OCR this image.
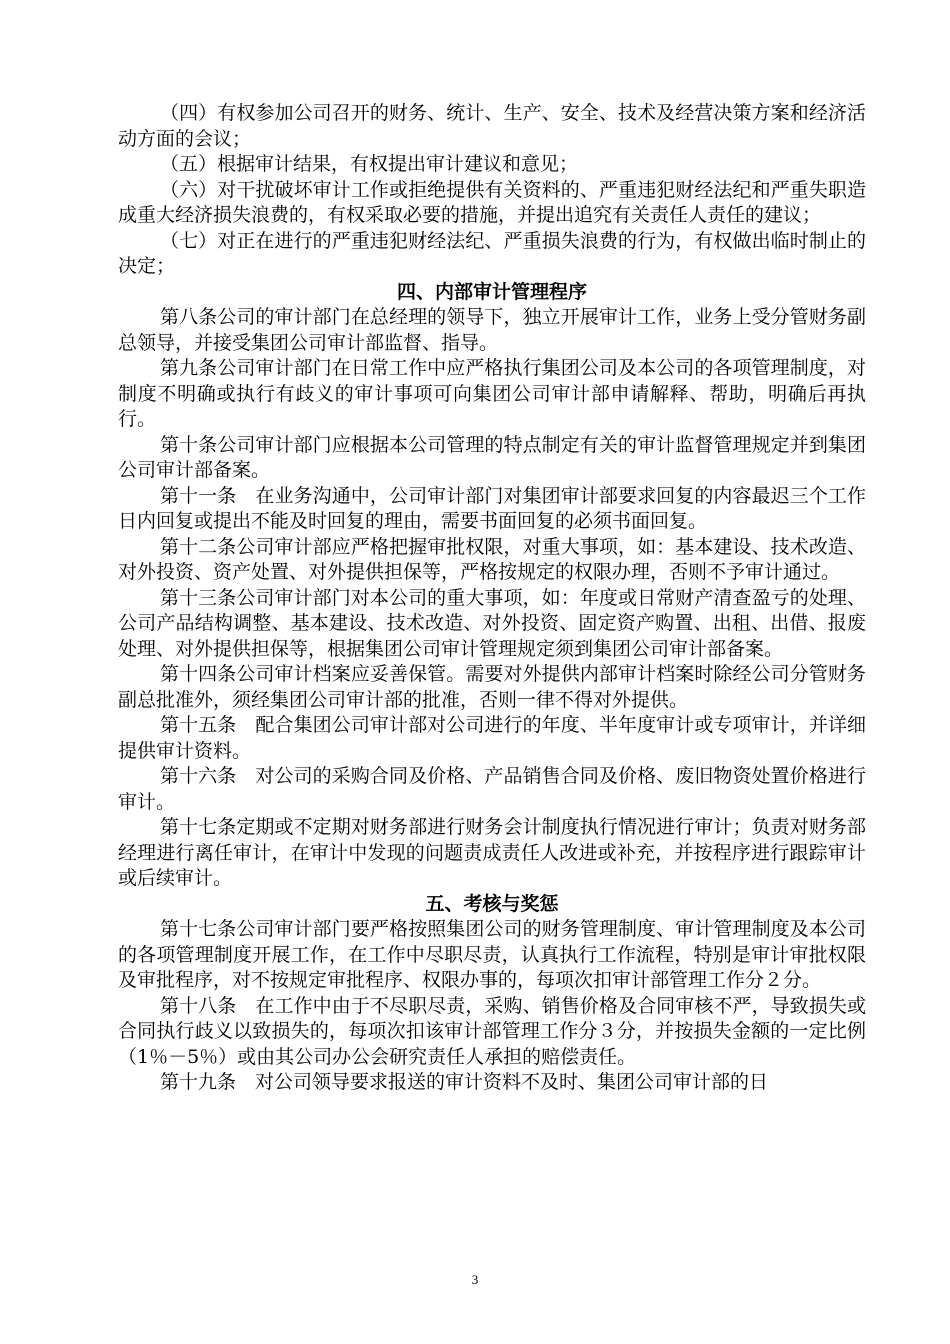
（四）有权参加公司召开的财务、统计、生产、安全、技术及经营决策方案和经济活动方面的会议；

（五）根据审计结果，有权提出审计建议和意见；

（六）对干扰破坏审计工作或拒绝提供有关资料的、严重违犯财经法纪和严重失职造成重大经济损失浪费的，有权采取必要的措施，并提出追究有关责任人责任的建议；

（七）对正在进行的严重违犯财经法纪、严重损失浪费的行为，有权做出临时制止的决定；

四、内部审计管理程序

第八条公司的审计部门在总经理的领导下，独立开展审计工作，业务上受分管财务副总领导，并接受集团公司审计部监督、指导。

第九条公司审计部门在日常工作中应严格执行集团公司及本公司的各项管理制度，对制度不明确或执行有歧义的审计事项可向集团公司审计部申请解释、帮助，明确后再执行。

第十条公司审计部门应根据本公司管理的特点制定有关的审计监督管理规定并到集团公司审计部备案。

第十一条　在业务沟通中，公司审计部门对集团审计部要求回复的内容最迟三个工作日内回复或提出不能及时回复的理由，需要书面回复的必须书面回复。

第十二条公司审计部应严格把握审批权限，对重大事项，如：基本建设、技术改造、对外投资、资产处置、对外提供担保等，严格按规定的权限办理，否则不予审计通过。

第十三条公司审计部门对本公司的重大事项，如：年度或日常财产清查盈亏的处理、公司产品结构调整、基本建设、技术改造、对外投资、固定资产购置、出租、出借、报废处理、对外提供担保等，根据集团公司审计管理规定须到集团公司审计部备案。

第十四条公司审计档案应妥善保管。需要对外提供内部审计档案时除经公司分管财务副总批准外，须经集团公司审计部的批准，否则一律不得对外提供。

第十五条　配合集团公司审计部对公司进行的年度、半年度审计或专项审计，并详细提供审计资料。

第十六条　对公司的采购合同及价格、产品销售合同及价格、废旧物资处置价格进行审计。

第十七条定期或不定期对财务部进行财务会计制度执行情况进行审计；负责对财务部经理进行离任审计，在审计中发现的问题责成责任人改进或补充，并按程序进行跟踪审计或后续审计。

五、考核与奖惩

第十七条公司审计部门要严格按照集团公司的财务管理制度、审计管理制度及本公司的各项管理制度开展工作，在工作中尽职尽责，认真执行工作流程，特别是审计审批权限及审批程序，对不按规定审批程序、权限办事的，每项次扣审计部管理工作分２分。

第十八条　在工作中由于不尽职尽责，采购、销售价格及合同审核不严，导致损失或合同执行歧义以致损失的，每项次扣该审计部管理工作分３分，并按损失金额的一定比例（1％－5％）或由其公司办公会研究责任人承担的赔偿责任。

第十九条　对公司领导要求报送的审计资料不及时、集团公司审计部的日

3
